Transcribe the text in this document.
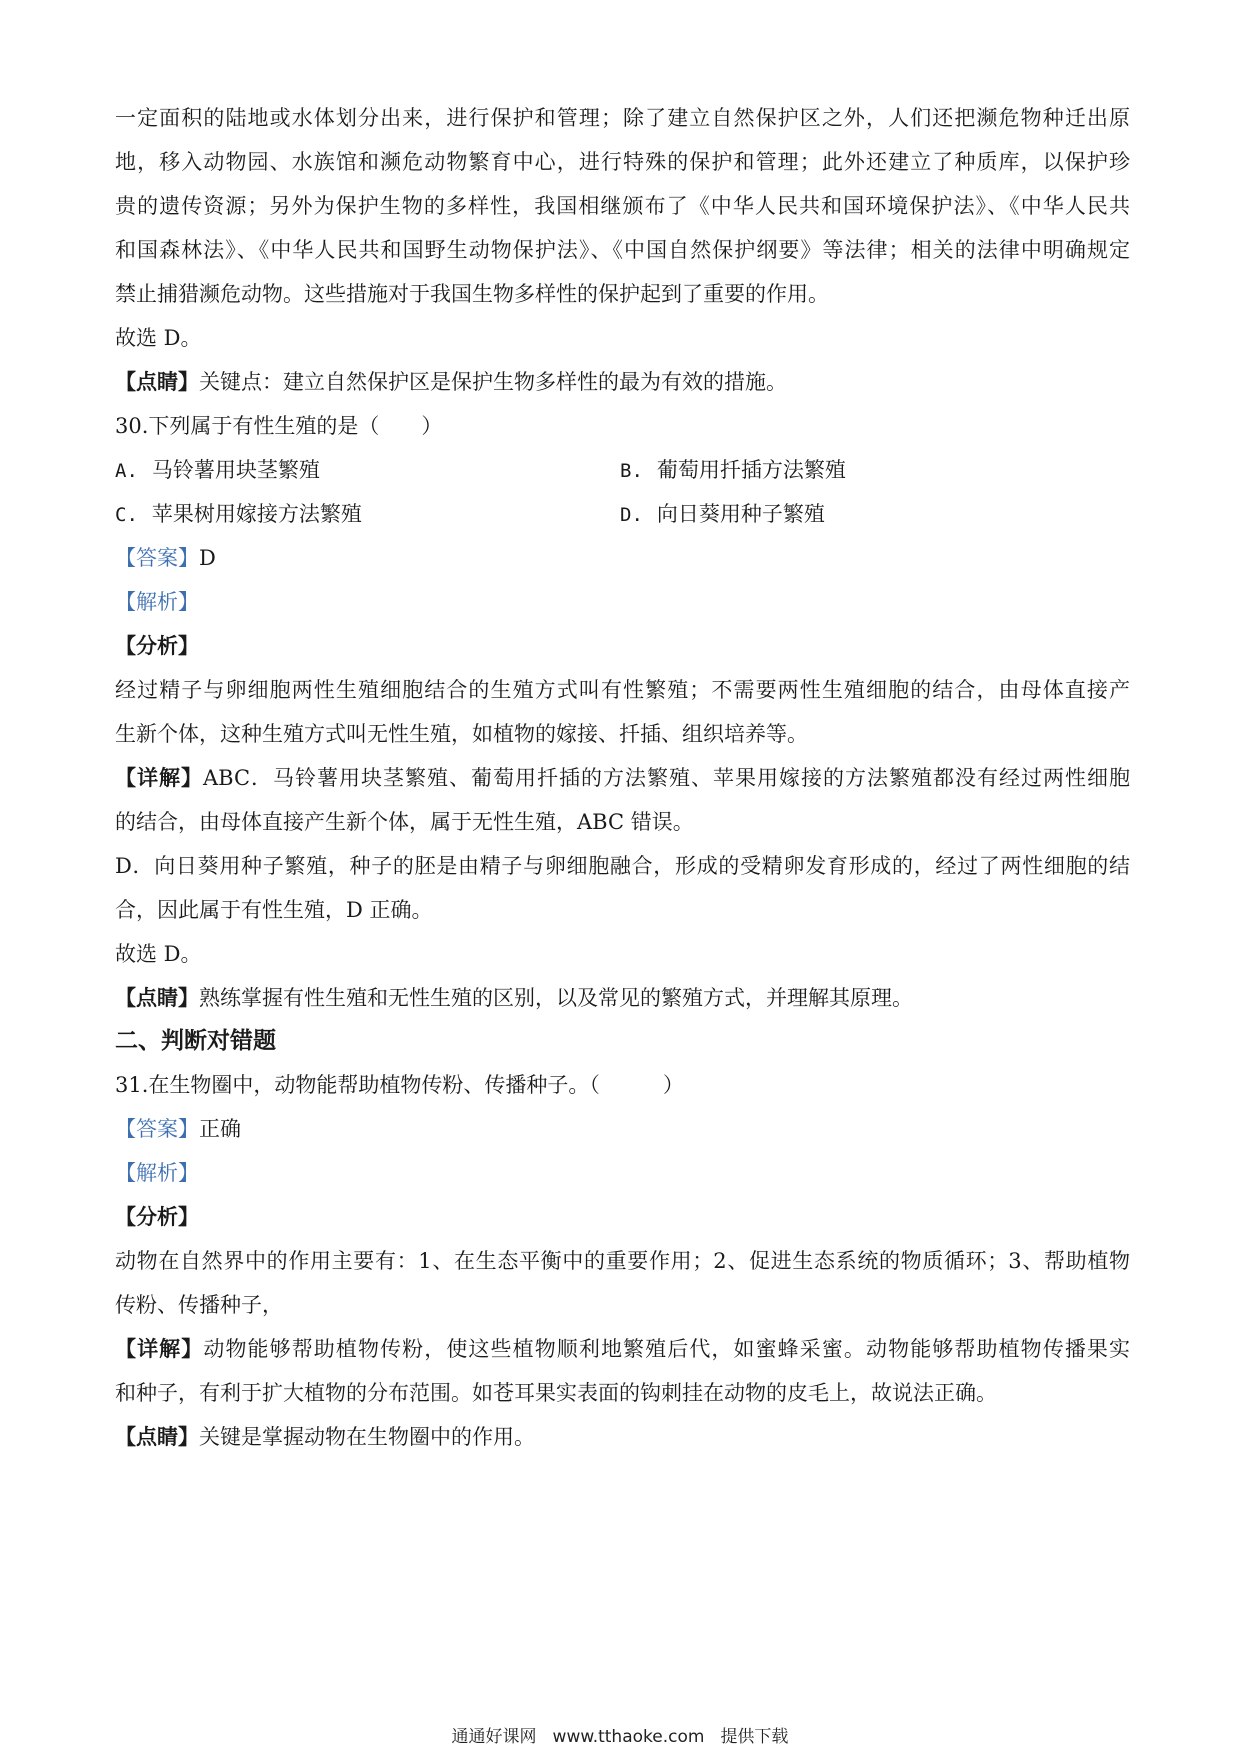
一定面积的陆地或水体划分出来，进行保护和管理；除了建立自然保护区之外，人们还把濒危物种迁出原
地，移入动物园、水族馆和濒危动物繁育中心，进行特殊的保护和管理；此外还建立了种质库，以保护珍
贵的遗传资源；另外为保护生物的多样性，我国相继颁布了《中华人民共和国环境保护法》、《中华人民共
和国森林法》、《中华人民共和国野生动物保护法》、《中国自然保护纲要》等法律；相关的法律中明确规定
禁止捕猎濒危动物。这些措施对于我国生物多样性的保护起到了重要的作用。
故选 D。
【点睛】关键点：建立自然保护区是保护生物多样性的最为有效的措施。
30.下列属于有性生殖的是（　　）
A. 马铃薯用块茎繁殖	B. 葡萄用扦插方法繁殖
C. 苹果树用嫁接方法繁殖	D. 向日葵用种子繁殖
【答案】D
【解析】
【分析】
经过精子与卵细胞两性生殖细胞结合的生殖方式叫有性繁殖；不需要两性生殖细胞的结合，由母体直接产
生新个体，这种生殖方式叫无性生殖，如植物的嫁接、扦插、组织培养等。
【详解】ABC．马铃薯用块茎繁殖、葡萄用扦插的方法繁殖、苹果用嫁接的方法繁殖都没有经过两性细胞
的结合，由母体直接产生新个体，属于无性生殖，ABC 错误。
D．向日葵用种子繁殖，种子的胚是由精子与卵细胞融合，形成的受精卵发育形成的，经过了两性细胞的结
合，因此属于有性生殖，D 正确。
故选 D。
【点睛】熟练掌握有性生殖和无性生殖的区别，以及常见的繁殖方式，并理解其原理。
二、判断对错题
31.在生物圈中，动物能帮助植物传粉、传播种子。（　　　）
【答案】正确
【解析】
【分析】
动物在自然界中的作用主要有：1、在生态平衡中的重要作用；2、促进生态系统的物质循环；3、帮助植物
传粉、传播种子，
【详解】动物能够帮助植物传粉，使这些植物顺利地繁殖后代，如蜜蜂采蜜。动物能够帮助植物传播果实
和种子，有利于扩大植物的分布范围。如苍耳果实表面的钩刺挂在动物的皮毛上，故说法正确。
【点睛】关键是掌握动物在生物圈中的作用。
通通好课网 www.tthaoke.com 提供下载
